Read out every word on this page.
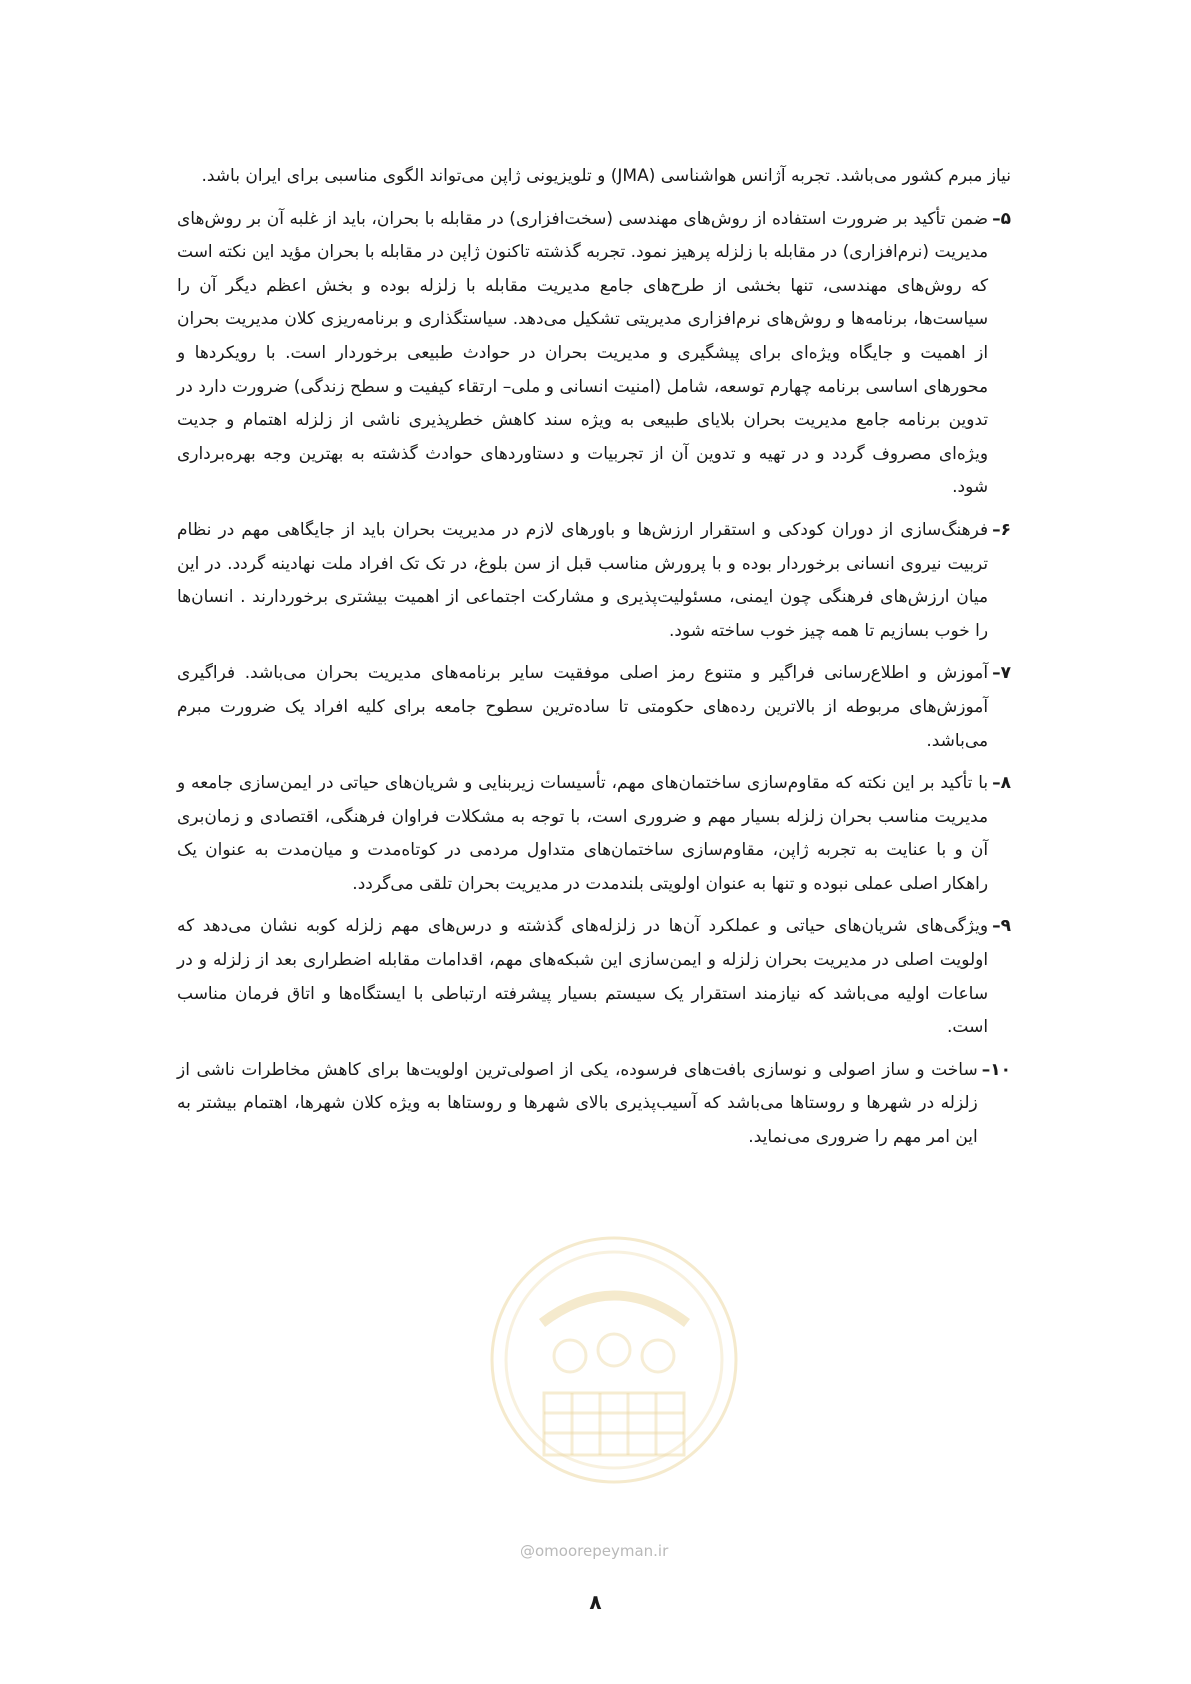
نیاز مبرم کشور می‌باشد. تجربه آژانس هواشناسی (JMA) و تلویزیونی ژاپن می‌تواند الگوی مناسبی برای ایران باشد.

۵–
ضمن تأکید بر ضرورت استفاده از روش‌های مهندسی (سخت‌افزاری) در مقابله با بحران، باید از غلبه آن بر روش‌های مدیریت (نرم‌افزاری) در مقابله با زلزله پرهیز نمود. تجربه گذشته تاکنون ژاپن در مقابله با بحران مؤید این نکته است که روش‌های مهندسی، تنها بخشی از طرح‌های جامع مدیریت مقابله با زلزله بوده و بخش اعظم دیگر آن را سیاست‌ها، برنامه‌ها و روش‌های نرم‌افزاری مدیریتی تشکیل می‌دهد. سیاستگذاری و برنامه‌ریزی کلان مدیریت بحران از اهمیت و جایگاه ویژه‌ای برای پیشگیری و مدیریت بحران در حوادث طبیعی برخوردار است. با رویکردها و محورهای اساسی برنامه چهارم توسعه، شامل (امنیت انسانی و ملی– ارتقاء کیفیت و سطح زندگی) ضرورت دارد در تدوین برنامه جامع مدیریت بحران بلایای طبیعی به ویژه سند کاهش خطرپذیری ناشی از زلزله اهتمام و جدیت ویژه‌ای مصروف گردد و در تهیه و تدوین آن از تجربیات و دستاوردهای حوادث گذشته به بهترین وجه بهره‌برداری شود.
۶–
فرهنگ‌سازی از دوران کودکی و استقرار ارزش‌ها و باورهای لازم در مدیریت بحران باید از جایگاهی مهم در نظام تربیت نیروی انسانی برخوردار بوده و با پرورش مناسب قبل از سن بلوغ، در تک تک افراد ملت نهادینه گردد. در این میان ارزش‌های فرهنگی چون ایمنی، مسئولیت‌پذیری و مشارکت اجتماعی از اهمیت بیشتری برخوردارند . انسان‌ها را خوب بسازیم تا همه چیز خوب ساخته شود.
۷–
آموزش و اطلاع‌رسانی فراگیر و متنوع رمز اصلی موفقیت سایر برنامه‌های مدیریت بحران می‌باشد. فراگیری آموزش‌های مربوطه از بالاترین رده‌های حکومتی تا ساده‌ترین سطوح جامعه برای کلیه افراد یک ضرورت مبرم می‌باشد.
۸–
با تأکید بر این نکته که مقاوم‌سازی ساختمان‌های مهم، تأسیسات زیربنایی و شریان‌های حیاتی در ایمن‌سازی جامعه و مدیریت مناسب بحران زلزله بسیار مهم و ضروری است، با توجه به مشکلات فراوان فرهنگی، اقتصادی و زمان‌بری آن و با عنایت به تجربه ژاپن، مقاوم‌سازی ساختمان‌های متداول مردمی در کوتاه‌مدت و میان‌مدت به عنوان یک راهکار اصلی عملی نبوده و تنها به عنوان اولویتی بلندمدت در مدیریت بحران تلقی می‌گردد.
۹–
ویژگی‌های شریان‌های حیاتی و عملکرد آن‌ها در زلزله‌های گذشته و درس‌های مهم زلزله کوبه نشان می‌دهد که اولویت اصلی در مدیریت بحران زلزله و ایمن‌سازی این شبکه‌های مهم، اقدامات مقابله اضطراری بعد از زلزله و در ساعات اولیه می‌باشد که نیازمند استقرار یک سیستم بسیار پیشرفته ارتباطی با ایستگاه‌ها و اتاق فرمان مناسب است.
۱۰–
ساخت و ساز اصولی و نوسازی بافت‌های فرسوده، یکی از اصولی‌ترین اولویت‌ها برای کاهش مخاطرات ناشی از زلزله در شهرها و روستاها می‌باشد که آسیب‌پذیری بالای شهرها و روستاها به ویژه کلان شهرها، اهتمام بیشتر به این امر مهم را ضروری می‌نماید.
@omoorepeyman.ir
۸
